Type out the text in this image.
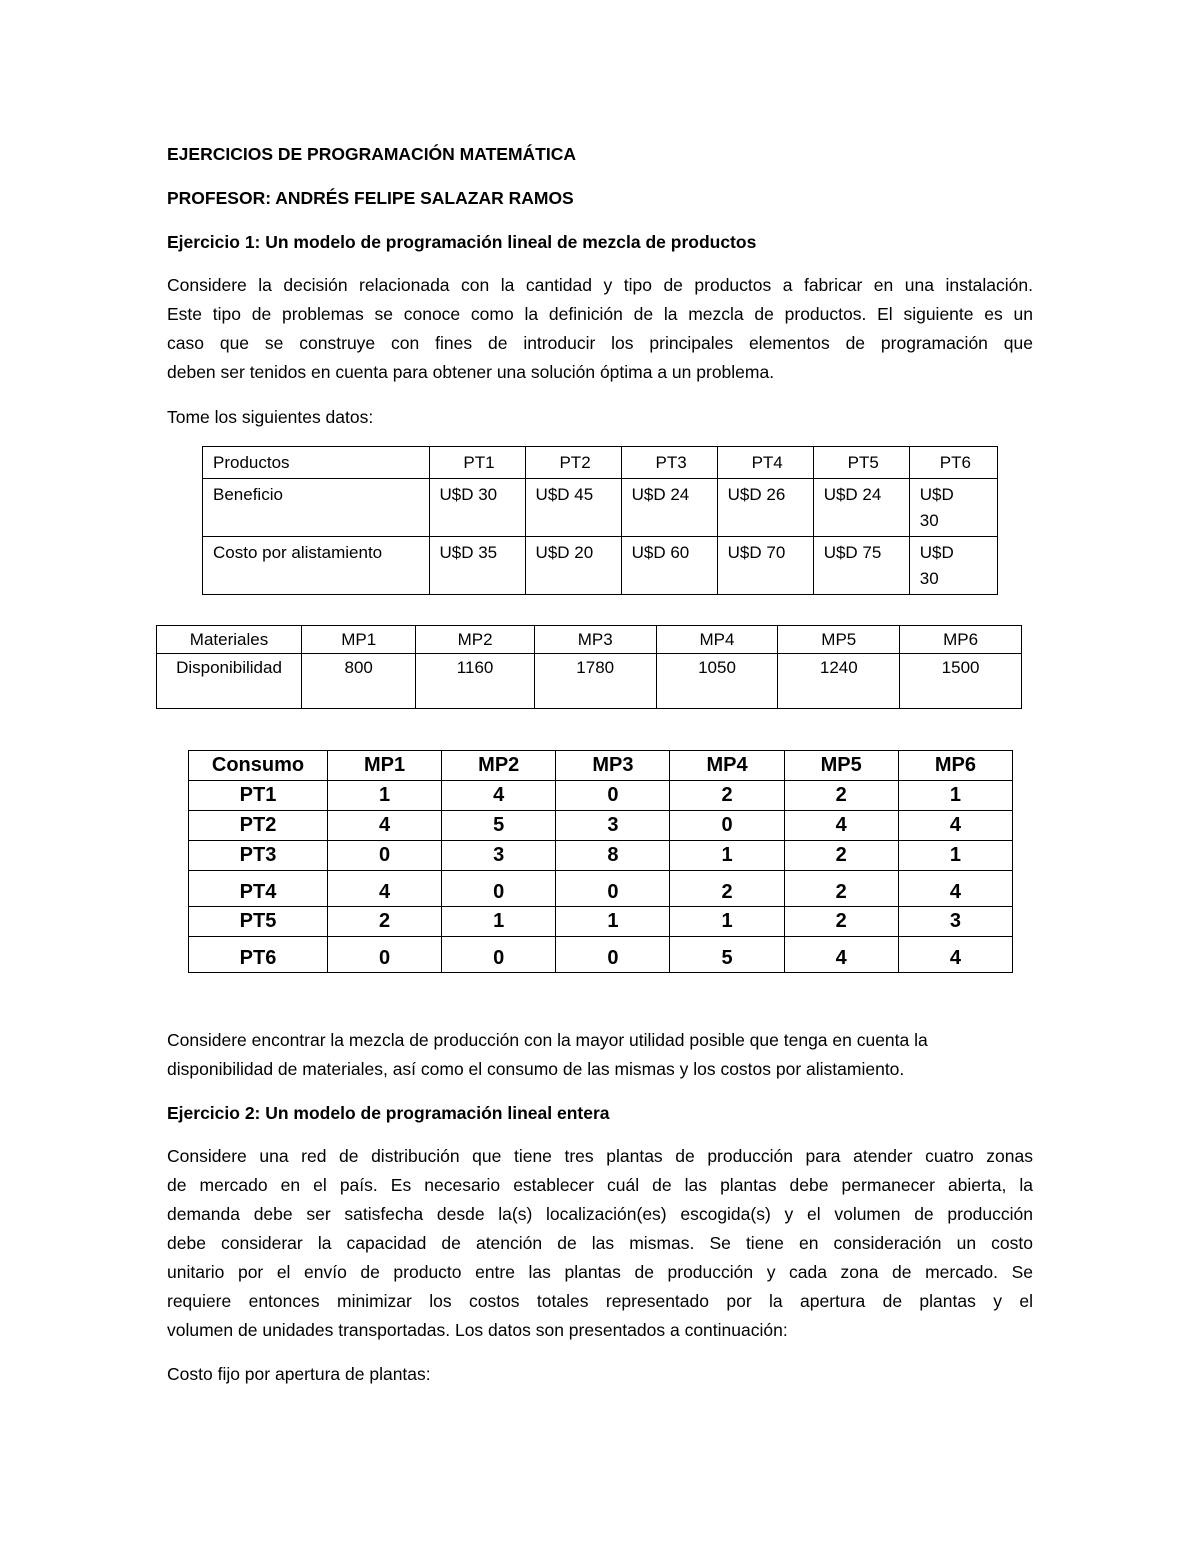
EJERCICIOS DE PROGRAMACIÓN MATEMÁTICA
PROFESOR: ANDRÉS FELIPE SALAZAR RAMOS
Ejercicio 1: Un modelo de programación lineal de mezcla de productos
Considere la decisión relacionada con la cantidad y tipo de productos a fabricar en una instalación.
Este tipo de problemas se conoce como la definición de la mezcla de productos. El siguiente es un
caso que se construye con fines de introducir los principales elementos de programación que
deben ser tenidos en cuenta para obtener una solución óptima a un problema.
Tome los siguientes datos:
Productos	PT1	PT2	PT3	PT4	PT5	PT6
Beneficio	U$D 30	U$D 45	U$D 24	U$D 26	U$D 24	U$D 30
Costo por alistamiento	U$D 35	U$D 20	U$D 60	U$D 70	U$D 75	U$D 30
Materiales	MP1	MP2	MP3	MP4	MP5	MP6
Disponibilidad	800	1160	1780	1050	1240	1500
Consumo	MP1	MP2	MP3	MP4	MP5	MP6
PT1	1	4	0	2	2	1
PT2	4	5	3	0	4	4
PT3	0	3	8	1	2	1
PT4	4	0	0	2	2	4
PT5	2	1	1	1	2	3
PT6	0	0	0	5	4	4
Considere encontrar la mezcla de producción con la mayor utilidad posible que tenga en cuenta la
disponibilidad de materiales, así como el consumo de las mismas y los costos por alistamiento.
Ejercicio 2: Un modelo de programación lineal entera
Considere una red de distribución que tiene tres plantas de producción para atender cuatro zonas
de mercado en el país. Es necesario establecer cuál de las plantas debe permanecer abierta, la
demanda debe ser satisfecha desde la(s) localización(es) escogida(s) y el volumen de producción
debe considerar la capacidad de atención de las mismas. Se tiene en consideración un costo
unitario por el envío de producto entre las plantas de producción y cada zona de mercado. Se
requiere entonces minimizar los costos totales representado por la apertura de plantas y el
volumen de unidades transportadas. Los datos son presentados a continuación:
Costo fijo por apertura de plantas:
